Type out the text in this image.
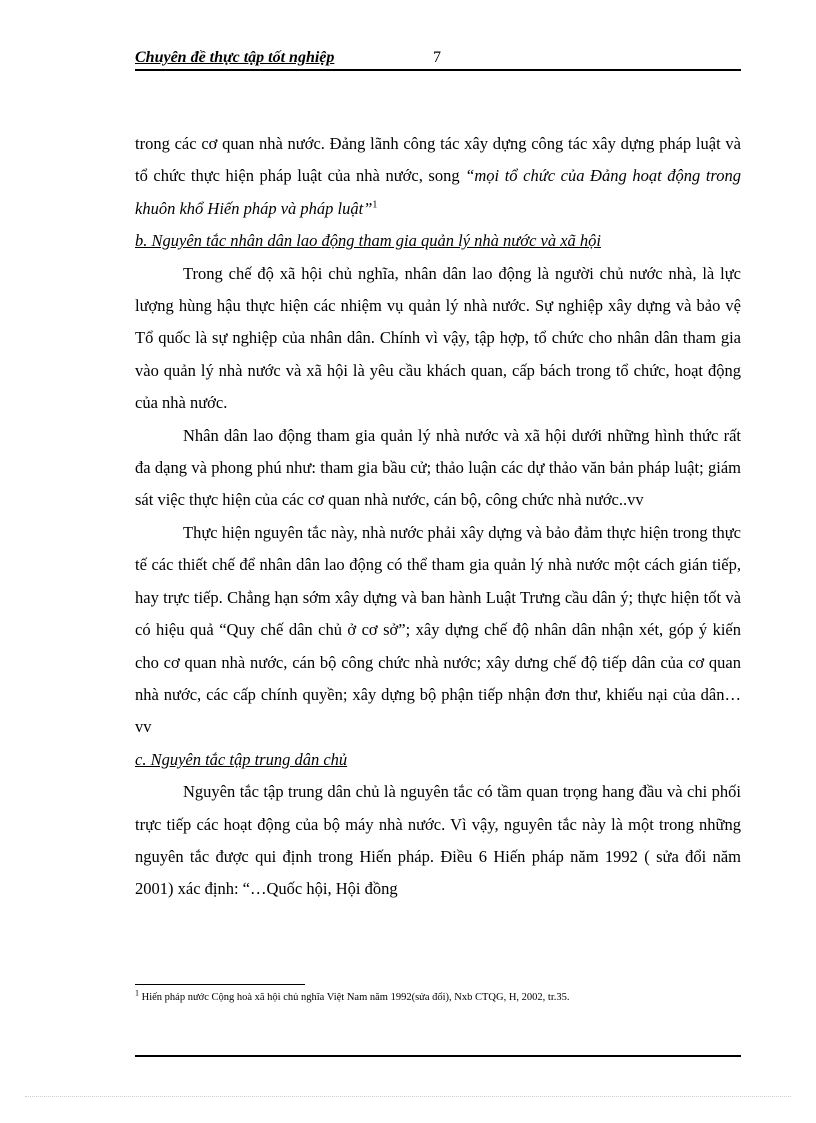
Chuyên đề thực tập tốt nghiệp	7

trong các cơ quan nhà nước. Đảng lãnh công tác xây dựng công tác xây dựng pháp luật và tổ chức thực hiện pháp luật của nhà nước, song “mọi tổ chức của Đảng hoạt động trong khuôn khổ Hiến pháp và pháp luật”$^1$

b. Nguyên tắc nhân dân lao động tham gia quản lý nhà nước và xã hội

Trong chế độ xã hội chủ nghĩa, nhân dân lao động là người chủ nước nhà, là lực lượng hùng hậu thực hiện các nhiệm vụ quản lý nhà nước. Sự nghiệp xây dựng và bảo vệ Tổ quốc là sự nghiệp của nhân dân. Chính vì vậy, tập hợp, tổ chức cho nhân dân tham gia vào quản lý nhà nước và xã hội là yêu cầu khách quan, cấp bách trong tổ chức, hoạt động của nhà nước.

Nhân dân lao động tham gia quản lý nhà nước và xã hội dưới những hình thức rất đa dạng và phong phú như: tham gia bầu cử; thảo luận các dự thảo văn bản pháp luật; giám sát việc thực hiện của các cơ quan nhà nước, cán bộ, công chức nhà nước..vv

Thực hiện nguyên tắc này, nhà nước phải xây dựng và bảo đảm thực hiện trong thực tế các thiết chế để nhân dân lao động có thể tham gia quản lý nhà nước một cách gián tiếp, hay trực tiếp. Chẳng hạn sớm xây dựng và ban hành Luật Trưng cầu dân ý; thực hiện tốt và có hiệu quả “Quy chế dân chủ ở cơ sở”; xây dựng chế độ nhân dân nhận xét, góp ý kiến cho cơ quan nhà nước, cán bộ công chức nhà nước; xây dưng chế độ tiếp dân của cơ quan nhà nước, các cấp chính quyền; xây dựng bộ phận tiếp nhận đơn thư, khiếu nại của dân…vv

c. Nguyên tắc tập trung dân chủ

Nguyên tắc tập trung dân chủ là nguyên tắc có tầm quan trọng hang đầu và chi phối trực tiếp các hoạt động của bộ máy nhà nước. Vì vậy, nguyên tắc này là một trong những nguyên tắc được qui định trong Hiến pháp. Điều 6 Hiến pháp năm 1992 ( sửa đổi năm 2001) xác định: “…Quốc hội, Hội đồng

$^1$ Hiến pháp nước Cộng hoà xã hội chủ nghĩa Việt Nam năm 1992(sửa đổi), Nxb CTQG, H, 2002, tr.35.
